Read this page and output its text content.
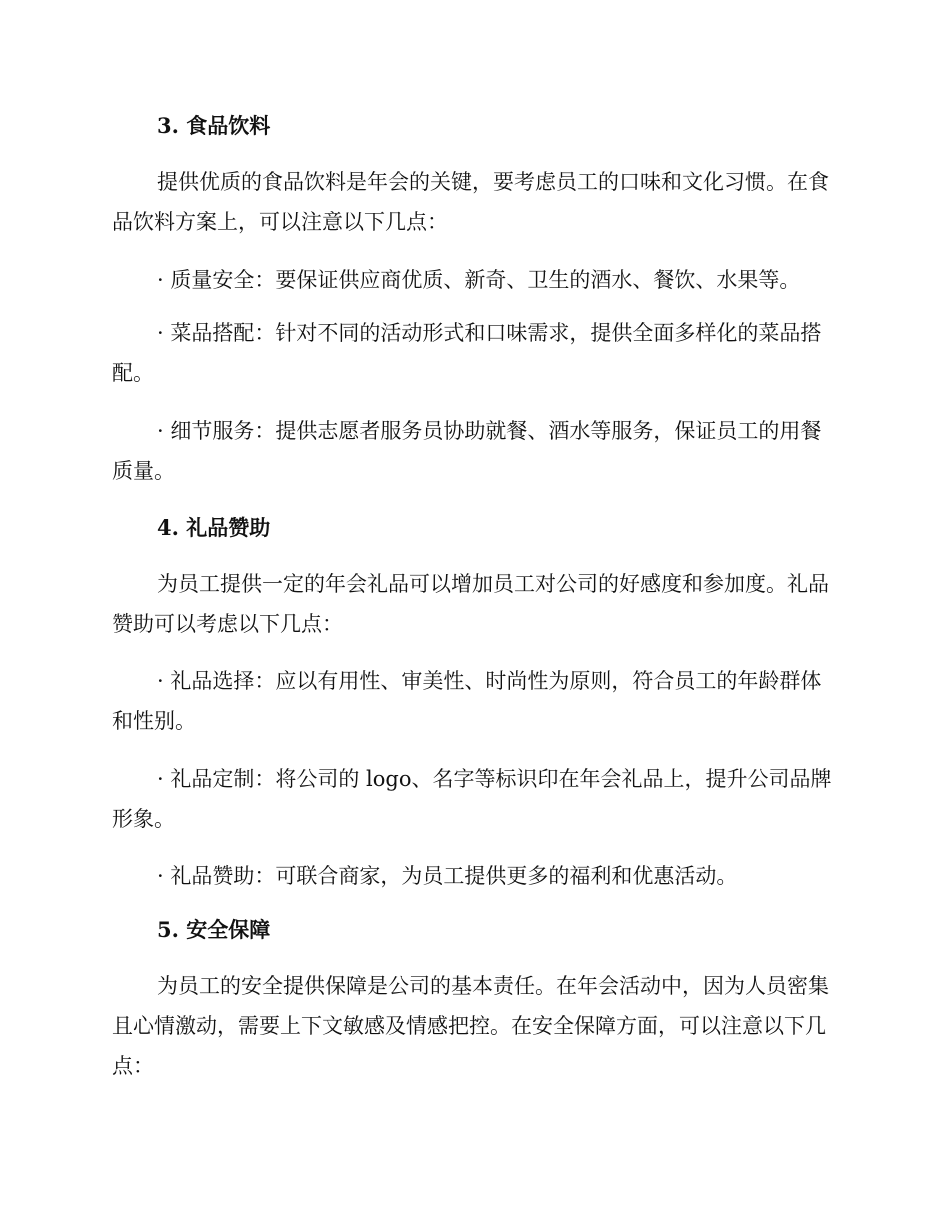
3. 食品饮料

提供优质的食品饮料是年会的关键，要考虑员工的口味和文化习惯。在食品饮料方案上，可以注意以下几点：

· 质量安全：要保证供应商优质、新奇、卫生的酒水、餐饮、水果等。

· 菜品搭配：针对不同的活动形式和口味需求，提供全面多样化的菜品搭配。

· 细节服务：提供志愿者服务员协助就餐、酒水等服务，保证员工的用餐质量。

4. 礼品赞助

为员工提供一定的年会礼品可以增加员工对公司的好感度和参加度。礼品赞助可以考虑以下几点：

· 礼品选择：应以有用性、审美性、时尚性为原则，符合员工的年龄群体和性别。

· 礼品定制：将公司的 logo、名字等标识印在年会礼品上，提升公司品牌形象。

· 礼品赞助：可联合商家，为员工提供更多的福利和优惠活动。

5. 安全保障

为员工的安全提供保障是公司的基本责任。在年会活动中，因为人员密集且心情激动，需要上下文敏感及情感把控。在安全保障方面，可以注意以下几点：
